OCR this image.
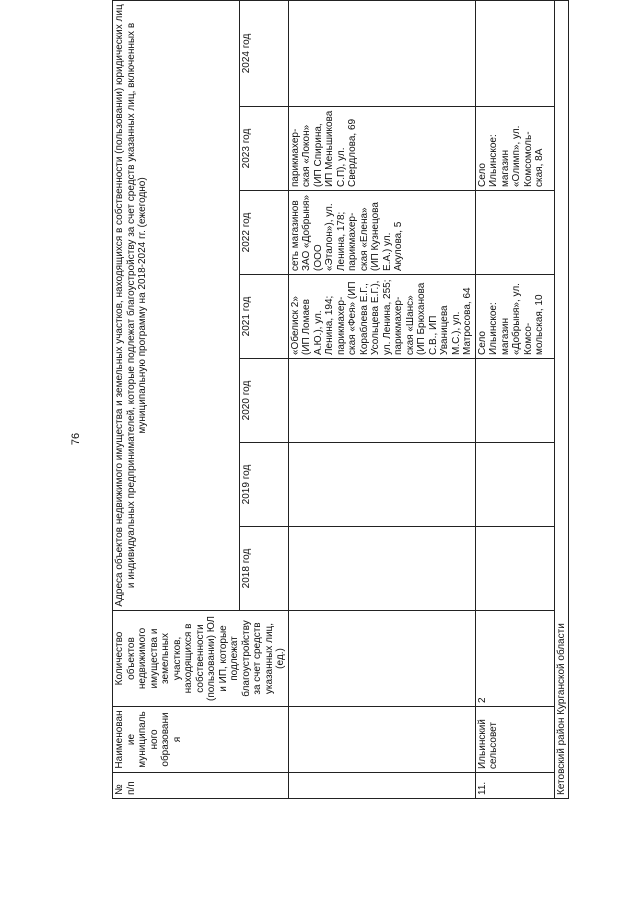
76
№ п/п	Наименование муниципального образования	Количество объектов недвижимого имущества и земельных участков, находящихся в собственности (пользовании) ЮЛ и ИП, которые подлежат благоустройству за счет средств указанных лиц, (ед.)	Адреса объектов недвижимого имущества и земельных участков, находящихся в собственности (пользовании) юридических лиц и индивидуальных предпринимателей, которые подлежат благоустройству за счет средств указанных лиц, включенных в муниципальную программу на 2018-2024 гг. (ежегодно)						
			2018 год	2019 год	2020 год	2021 год	2022 год	2023 год	2024 год
						«Обелиск 2» (ИП Ломаев А.Ю.), ул. Ленина, 194; парикмахер-ская «Фея» (ИП Кораблева Е.Г., Усольцева Е.Г.), ул. Ленина, 255; парикмахер-ская «Шанс» (ИП Брюханова С.В., ИП Уваницева М.С.), ул. Матросова, 64	сеть магазинов ЗАО «Добрыня» (ООО «Эталон»), ул. Ленина, 178; парикмахер-ская «Елена» (ИП Кузнецова Е.А.) ул. Акулова, 5	парикмахер-ская «Локон» (ИП Спирина, ИП Меньшикова С.П), ул. Свердлова, 69	
11.	Ильинский сельсовет	2				Село Ильинское: магазин «Добрыня», ул. Комсо-мольская, 10		Село Ильинское: магазин «Олимп», ул. Комсомоль-ская, 8А	
Кетовский район Курганской области									
